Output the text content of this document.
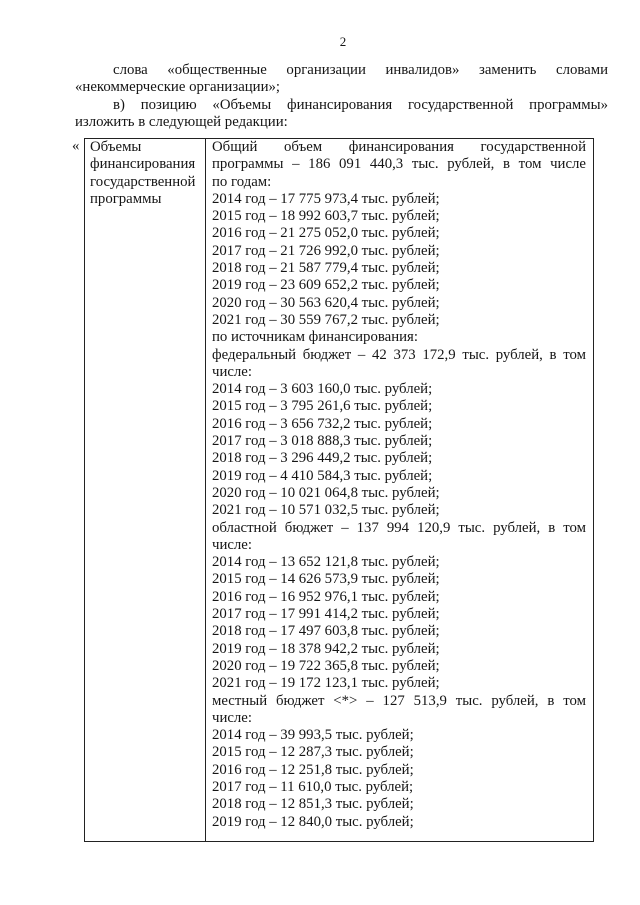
2
слова «общественные организации инвалидов» заменить словами
«некоммерческие организации»;
в) позицию «Объемы финансирования государственной программы»
изложить в следующей редакции:
« Объемы финансирования государственной программы
Общий объем финансирования государственной
программы – 186 091 440,3 тыс. рублей, в том числе
по годам:
2014 год – 17 775 973,4 тыс. рублей;
2015 год – 18 992 603,7 тыс. рублей;
2016 год – 21 275 052,0 тыс. рублей;
2017 год – 21 726 992,0 тыс. рублей;
2018 год – 21 587 779,4 тыс. рублей;
2019 год – 23 609 652,2 тыс. рублей;
2020 год – 30 563 620,4 тыс. рублей;
2021 год – 30 559 767,2 тыс. рублей;
по источникам финансирования:
федеральный бюджет – 42 373 172,9 тыс. рублей, в том
числе:
2014 год – 3 603 160,0 тыс. рублей;
2015 год – 3 795 261,6 тыс. рублей;
2016 год – 3 656 732,2 тыс. рублей;
2017 год – 3 018 888,3 тыс. рублей;
2018 год – 3 296 449,2 тыс. рублей;
2019 год – 4 410 584,3 тыс. рублей;
2020 год – 10 021 064,8 тыс. рублей;
2021 год – 10 571 032,5 тыс. рублей;
областной бюджет – 137 994 120,9 тыс. рублей, в том
числе:
2014 год – 13 652 121,8 тыс. рублей;
2015 год – 14 626 573,9 тыс. рублей;
2016 год – 16 952 976,1 тыс. рублей;
2017 год – 17 991 414,2 тыс. рублей;
2018 год – 17 497 603,8 тыс. рублей;
2019 год – 18 378 942,2 тыс. рублей;
2020 год – 19 722 365,8 тыс. рублей;
2021 год – 19 172 123,1 тыс. рублей;
местный бюджет <*> – 127 513,9 тыс. рублей, в том
числе:
2014 год – 39 993,5 тыс. рублей;
2015 год – 12 287,3 тыс. рублей;
2016 год – 12 251,8 тыс. рублей;
2017 год – 11 610,0 тыс. рублей;
2018 год – 12 851,3 тыс. рублей;
2019 год – 12 840,0 тыс. рублей;
